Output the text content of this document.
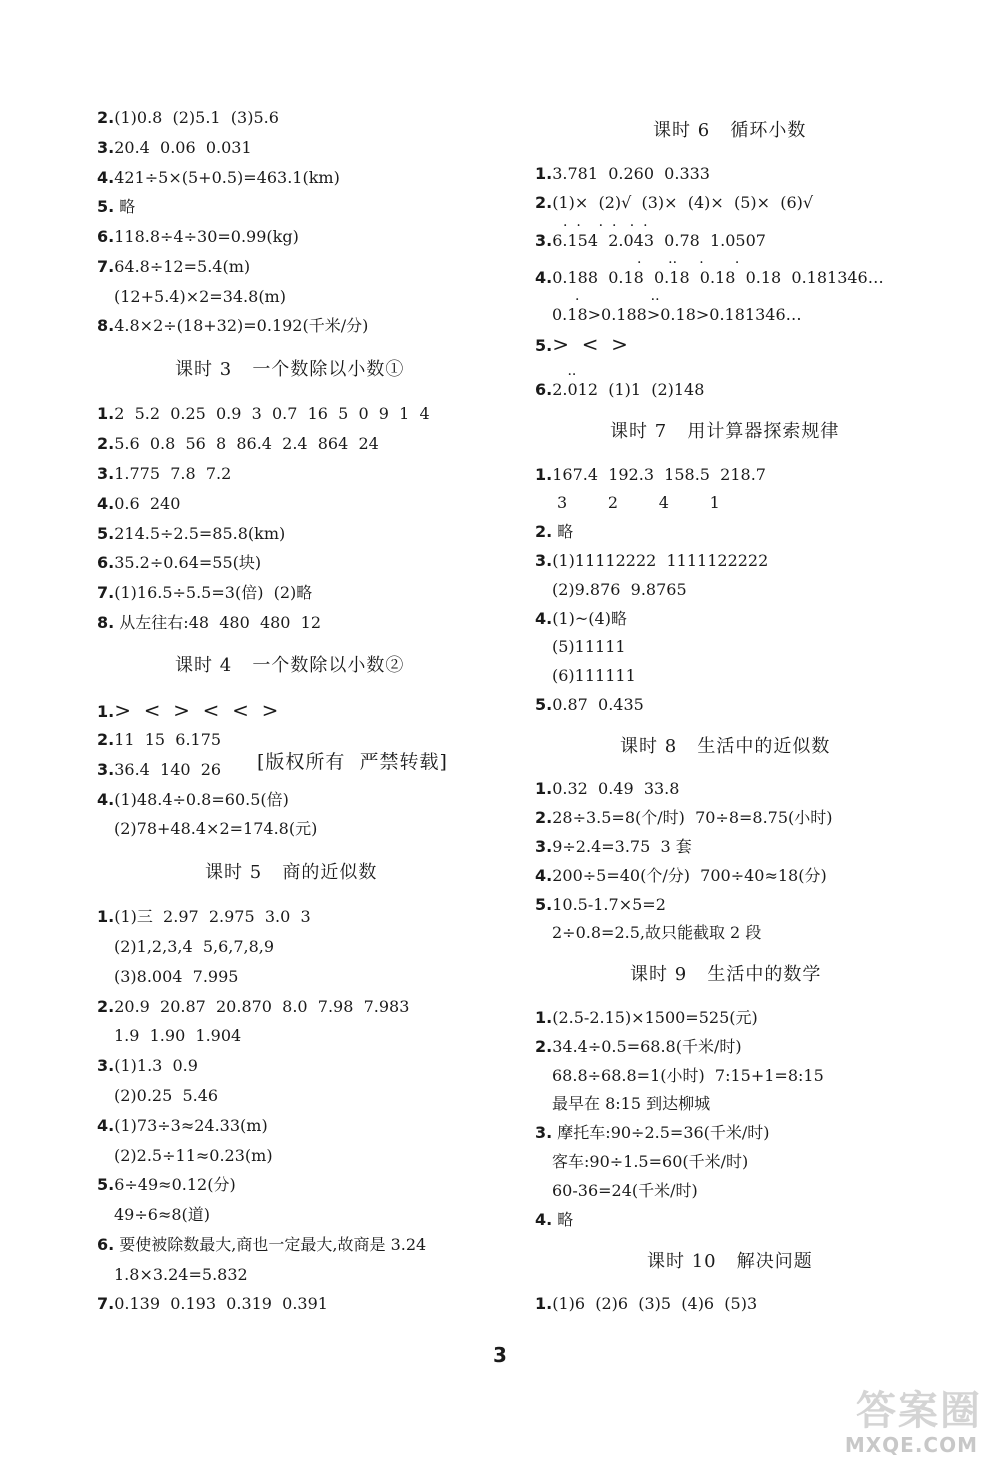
2.(1)0.8  (2)5.1  (3)5.6
3.20.4  0.06  0.031
4.421÷5×(5+0.5)=463.1(km)
5. 略
6.118.8÷4÷30=0.99(kg)
7.64.8÷12=5.4(m)
(12+5.4)×2=34.8(m)
8.4.8×2÷(18+32)=0.192(千米/分)
课时 3   一个数除以小数①
1.2  5.2  0.25  0.9  3  0.7  16  5  0  9  1  4
2.5.6  0.8  56  8  86.4  2.4  864  24
3.1.775  7.8  7.2
4.0.6  240
5.214.5÷2.5=85.8(km)
6.35.2÷0.64=55(块)
7.(1)16.5÷5.5=3(倍)  (2)略
8. 从左往右:48  480  480  12
课时 4   一个数除以小数②
1.>  <  >  <  <  >
2.11  15  6.175
3.36.4  140  26
4.(1)48.4÷0.8=60.5(倍)
(2)78+48.4×2=174.8(元)
课时 5   商的近似数
1.(1)三  2.97  2.975  3.0  3
(2)1,2,3,4  5,6,7,8,9
(3)8.004  7.995
2.20.9  20.87  20.870  8.0  7.98  7.983
1.9  1.90  1.904
3.(1)1.3  0.9
(2)0.25  5.46
4.(1)73÷3≈24.33(m)
(2)2.5÷11≈0.23(m)
5.6÷49≈0.12(分)
49÷6≈8(道)
6. 要使被除数最大,商也一定最大,故商是 3.24
1.8×3.24=5.832
7.0.139  0.193  0.319  0.391
[版权所有  严禁转载]
课时 6   循环小数
1.3.781  0.260  0.333
2.(1)×  (2)√  (3)×  (4)×  (5)×  (6)√
·  ·    ·  ·   ·  ·
3.6.154  2.043  0.78  1.0507
·      ··     ·       ·
4.0.188  0.18  0.18  0.18  0.18  0.181346…
·                ··
0.18>0.188>0.18>0.181346…
5.>  <  >
··
6.2.012  (1)1  (2)148
课时 7   用计算器探索规律
1.167.4  192.3  158.5  218.7
3        2        4        1
2. 略
3.(1)11112222  1111122222
(2)9.876  9.8765
4.(1)~(4)略
(5)11111
(6)111111
5.0.87  0.435
课时 8   生活中的近似数
1.0.32  0.49  33.8
2.28÷3.5=8(个/时)  70÷8=8.75(小时)
3.9÷2.4=3.75  3 套
4.200÷5=40(个/分)  700÷40≈18(分)
5.10.5-1.7×5=2
2÷0.8=2.5,故只能截取 2 段
课时 9   生活中的数学
1.(2.5-2.15)×1500=525(元)
2.34.4÷0.5=68.8(千米/时)
68.8÷68.8=1(小时)  7:15+1=8:15
最早在 8:15 到达柳城
3. 摩托车:90÷2.5=36(千米/时)
客车:90÷1.5=60(千米/时)
60-36=24(千米/时)
4. 略
课时 10   解决问题
1.(1)6  (2)6  (3)5  (4)6  (5)3
3
答案圈
MXQE.COM
